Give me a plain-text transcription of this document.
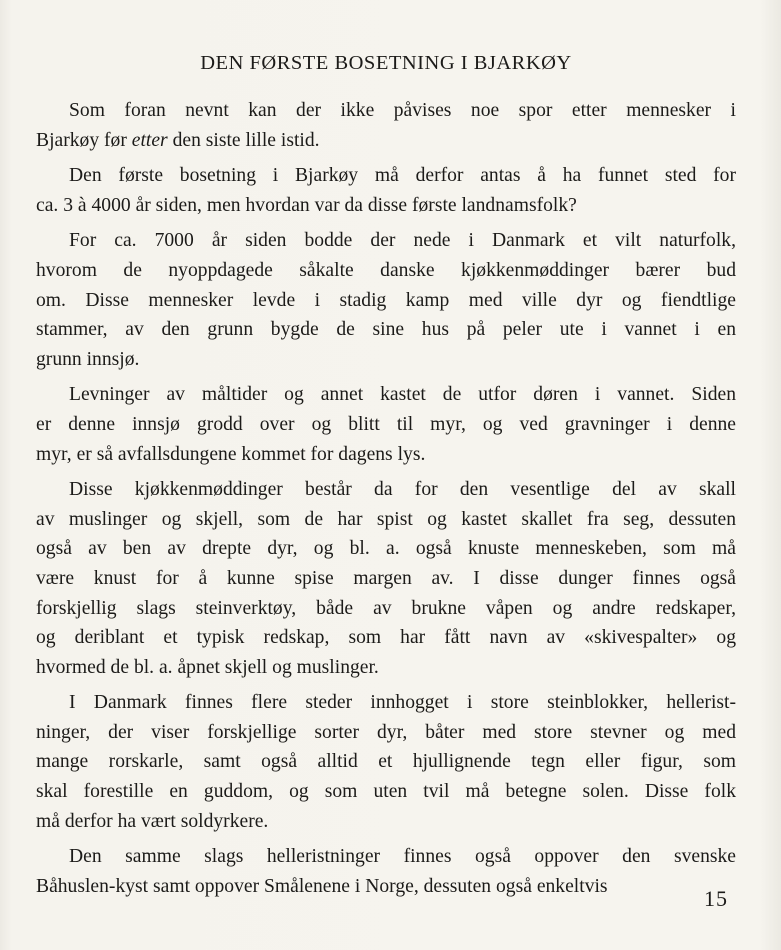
DEN FØRSTE BOSETNING I BJARKØY

Som foran nevnt kan der ikke påvises noe spor etter mennesker i
Bjarkøy før etter den siste lille istid.

Den første bosetning i Bjarkøy må derfor antas å ha funnet sted for
ca. 3 à 4000 år siden, men hvordan var da disse første landnamsfolk?

For ca. 7000 år siden bodde der nede i Danmark et vilt naturfolk,
hvorom de nyoppdagede såkalte danske kjøkkenmøddinger bærer bud
om. Disse mennesker levde i stadig kamp med ville dyr og fiendtlige
stammer, av den grunn bygde de sine hus på peler ute i vannet i en
grunn innsjø.

Levninger av måltider og annet kastet de utfor døren i vannet. Siden
er denne innsjø grodd over og blitt til myr, og ved gravninger i denne
myr, er så avfallsdungene kommet for dagens lys.

Disse kjøkkenmøddinger består da for den vesentlige del av skall
av muslinger og skjell, som de har spist og kastet skallet fra seg, dessuten
også av ben av drepte dyr, og bl. a. også knuste menneskeben, som må
være knust for å kunne spise margen av. I disse dunger finnes også
forskjellig slags steinverktøy, både av brukne våpen og andre redskaper,
og deriblant et typisk redskap, som har fått navn av «skivespalter» og
hvormed de bl. a. åpnet skjell og muslinger.

I Danmark finnes flere steder innhogget i store steinblokker, hellerist-
ninger, der viser forskjellige sorter dyr, båter med store stevner og med
mange rorskarle, samt også alltid et hjullignende tegn eller figur, som
skal forestille en guddom, og som uten tvil må betegne solen. Disse folk
må derfor ha vært soldyrkere.

Den samme slags helleristninger finnes også oppover den svenske
Båhuslen-kyst samt oppover Smålenene i Norge, dessuten også enkeltvis	15
